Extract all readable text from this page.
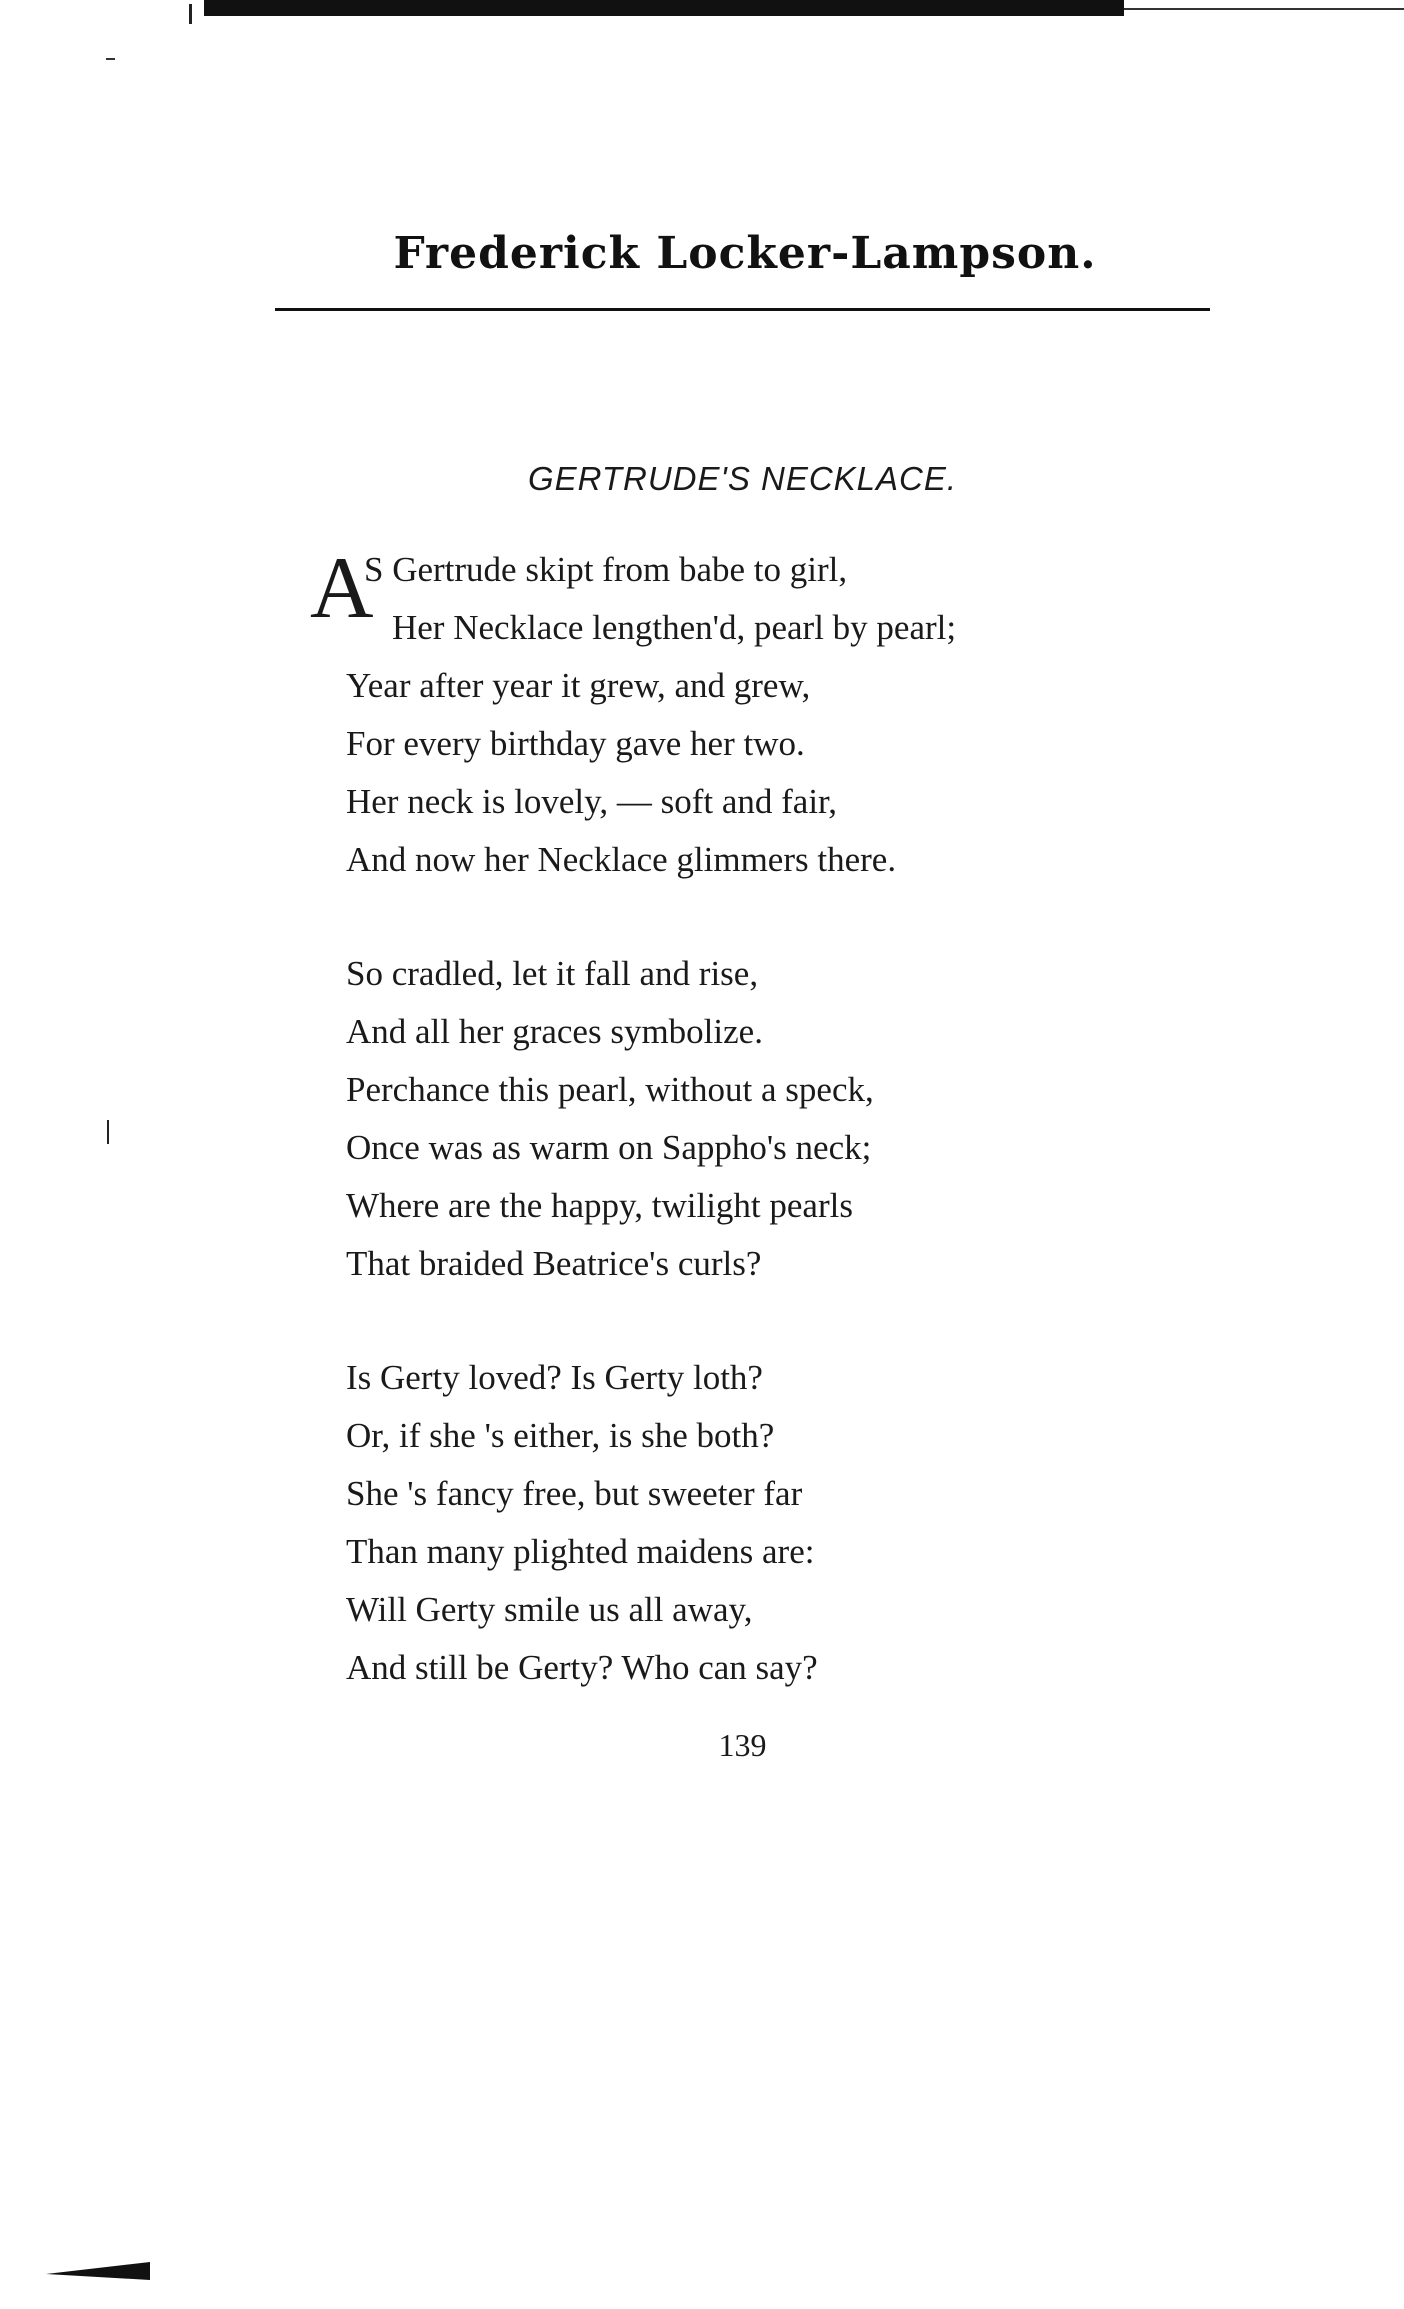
Frederick Locker-Lampson.
GERTRUDE'S NECKLACE.
A
S Gertrude skipt from babe to girl,
Her Necklace lengthen'd, pearl by pearl;
Year after year it grew, and grew,
For every birthday gave her two.
Her neck is lovely, — soft and fair,
And now her Necklace glimmers there.
So cradled, let it fall and rise,
And all her graces symbolize.
Perchance this pearl, without a speck,
Once was as warm on Sappho's neck;
Where are the happy, twilight pearls
That braided Beatrice's curls?
Is Gerty loved? Is Gerty loth?
Or, if she 's either, is she both?
She 's fancy free, but sweeter far
Than many plighted maidens are:
Will Gerty smile us all away,
And still be Gerty? Who can say?
139
